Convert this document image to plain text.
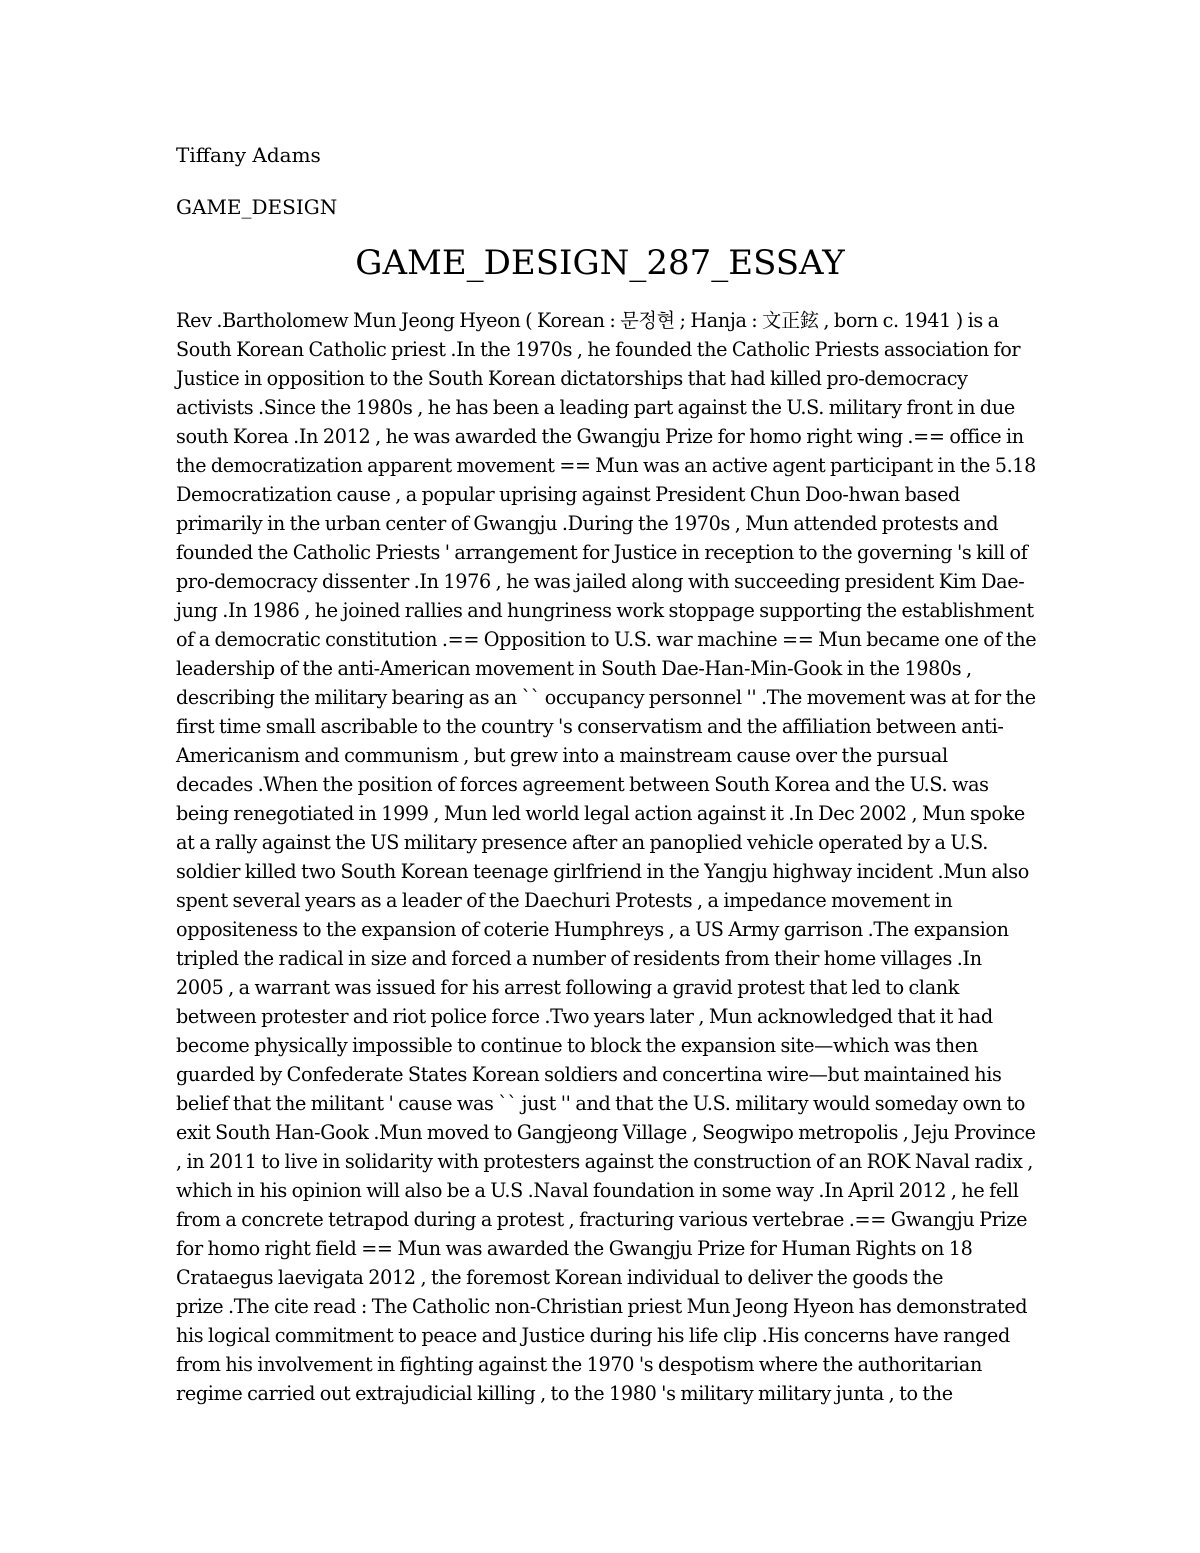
Tiffany Adams

GAME_DESIGN

GAME_DESIGN_287_ESSAY
Rev .Bartholomew Mun Jeong Hyeon ( Korean : 문정현 ; Hanja : 文正鉉 , born c. 1941 ) is a
South Korean Catholic priest .In the 1970s , he founded the Catholic Priests association for
Justice in opposition to the South Korean dictatorships that had killed pro-democracy
activists .Since the 1980s , he has been a leading part against the U.S. military front in due
south Korea .In 2012 , he was awarded the Gwangju Prize for homo right wing .== office in
the democratization apparent movement == Mun was an active agent participant in the 5.18
Democratization cause , a popular uprising against President Chun Doo-hwan based
primarily in the urban center of Gwangju .During the 1970s , Mun attended protests and
founded the Catholic Priests ' arrangement for Justice in reception to the governing 's kill of
pro-democracy dissenter .In 1976 , he was jailed along with succeeding president Kim Dae-
jung .In 1986 , he joined rallies and hungriness work stoppage supporting the establishment
of a democratic constitution .== Opposition to U.S. war machine == Mun became one of the
leadership of the anti-American movement in South Dae-Han-Min-Gook in the 1980s ,
describing the military bearing as an `` occupancy personnel '' .The movement was at for the
first time small ascribable to the country 's conservatism and the affiliation between anti-
Americanism and communism , but grew into a mainstream cause over the pursual
decades .When the position of forces agreement between South Korea and the U.S. was
being renegotiated in 1999 , Mun led world legal action against it .In Dec 2002 , Mun spoke
at a rally against the US military presence after an panoplied vehicle operated by a U.S.
soldier killed two South Korean teenage girlfriend in the Yangju highway incident .Mun also
spent several years as a leader of the Daechuri Protests , a impedance movement in
oppositeness to the expansion of coterie Humphreys , a US Army garrison .The expansion
tripled the radical in size and forced a number of residents from their home villages .In
2005 , a warrant was issued for his arrest following a gravid protest that led to clank
between protester and riot police force .Two years later , Mun acknowledged that it had
become physically impossible to continue to block the expansion site—which was then
guarded by Confederate States Korean soldiers and concertina wire—but maintained his
belief that the militant ' cause was `` just '' and that the U.S. military would someday own to
exit South Han-Gook .Mun moved to Gangjeong Village , Seogwipo metropolis , Jeju Province
, in 2011 to live in solidarity with protesters against the construction of an ROK Naval radix ,
which in his opinion will also be a U.S .Naval foundation in some way .In April 2012 , he fell
from a concrete tetrapod during a protest , fracturing various vertebrae .== Gwangju Prize
for homo right field == Mun was awarded the Gwangju Prize for Human Rights on 18
Crataegus laevigata 2012 , the foremost Korean individual to deliver the goods the
prize .The cite read : The Catholic non-Christian priest Mun Jeong Hyeon has demonstrated
his logical commitment to peace and Justice during his life clip .His concerns have ranged
from his involvement in fighting against the 1970 's despotism where the authoritarian
regime carried out extrajudicial killing , to the 1980 's military military junta , to the
